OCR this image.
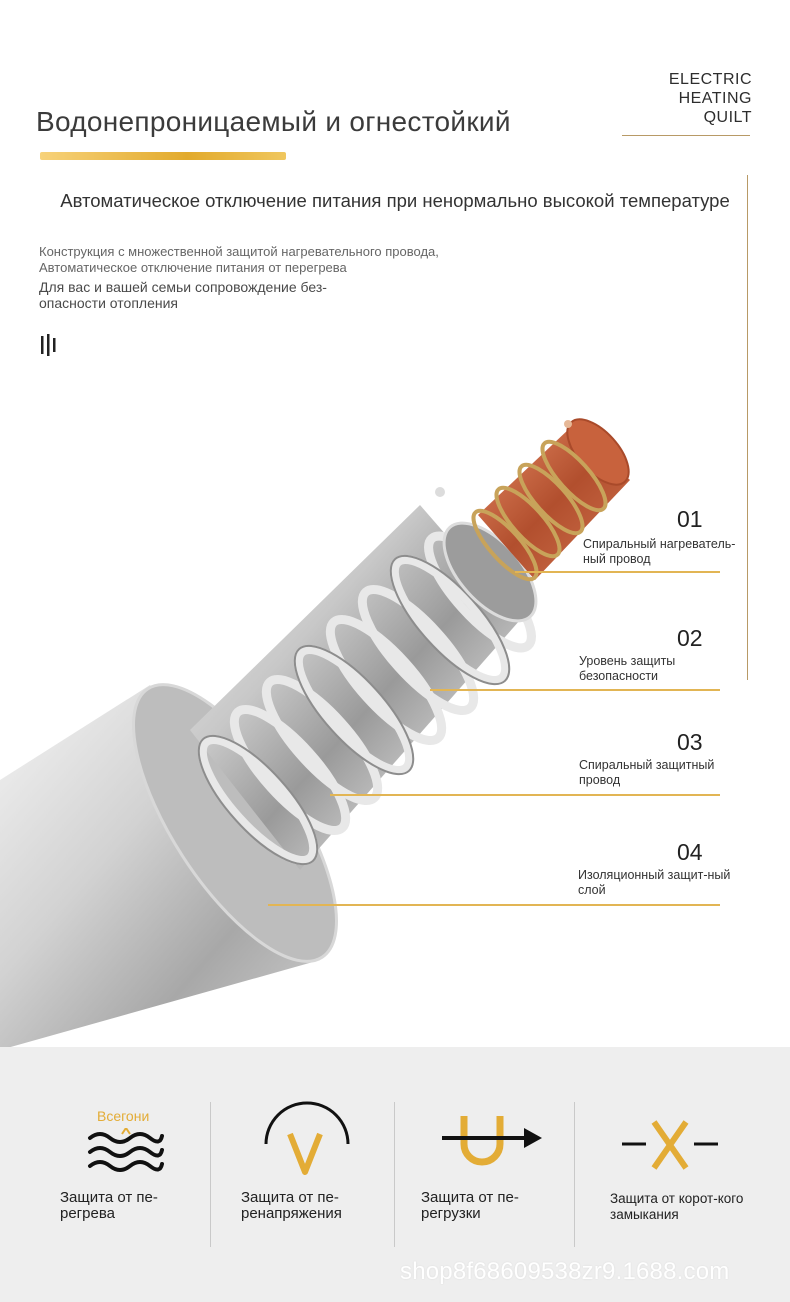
Водонепроницаемый и огнестойкий
ELECTRIC
HEATING
QUILT
Автоматическое отключение питания при ненормально высокой температуре
Конструкция с множественной защитой нагревательного провода, Автоматическое отключение питания от перегрева
Для вас и вашей семьи сопровождение без-опасности отопления
01
Спиральный нагреватель-ный провод
02
Уровень защиты безопасности
03
Спиральный защитный провод
04
Изоляционный защит-ный слой
Всегони
Защита от пе-регрева
Защита от пе-ренапряжения
Защита от пе-регрузки
Защита от корот-кого замыкания
shop8f68609538zr9.1688.com
